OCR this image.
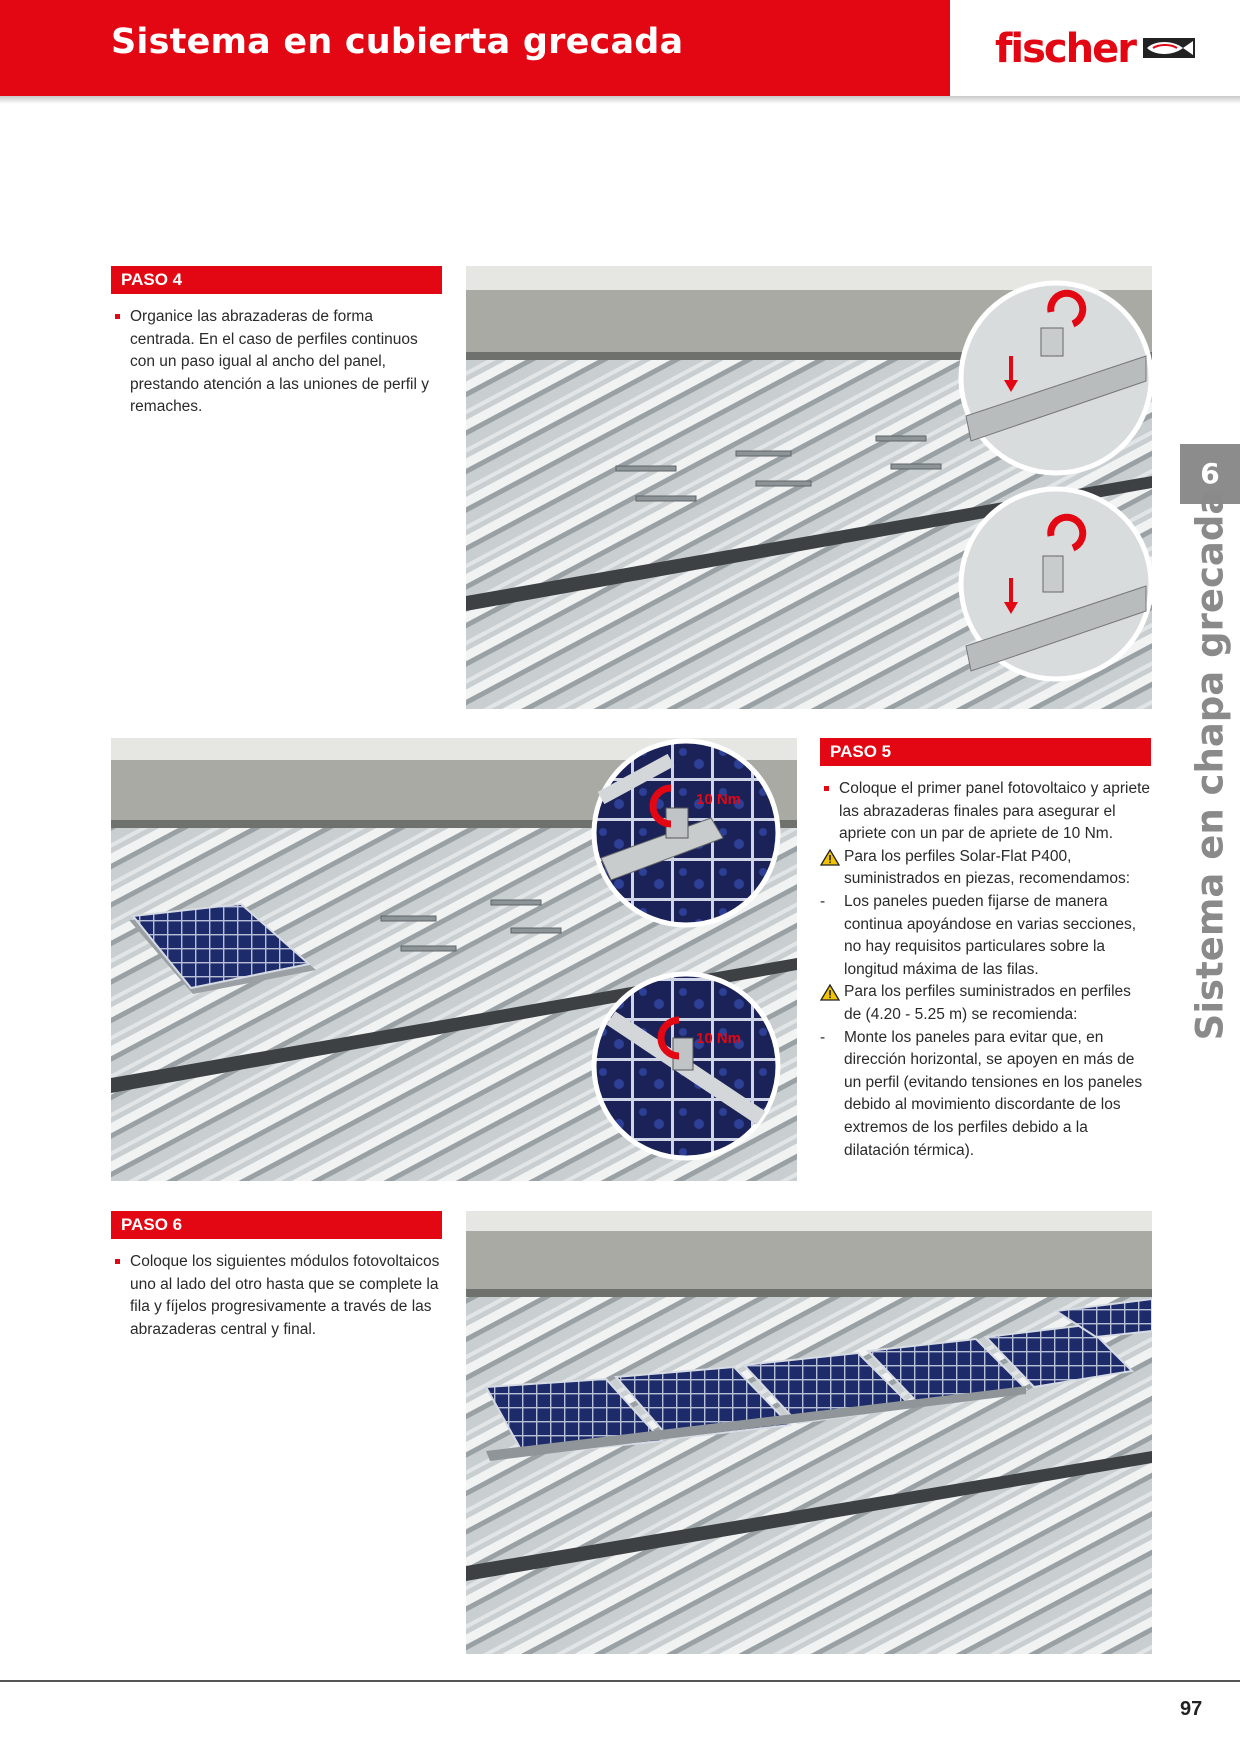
Sistema en cubierta grecada	fischer
PASO 4
Organice las abrazaderas de forma centrada. En el caso de perfiles continuos con un paso igual al ancho del panel, prestando atención a las uniones de perfil y remaches.
10 Nm
10 Nm
PASO 5
Coloque el primer panel fotovoltaico y apriete las abrazaderas finales para asegurar el apriete con un par de apriete de 10 Nm.
Para los perfiles Solar-Flat P400, suministrados en piezas, recomendamos:
- Los paneles pueden fijarse de manera continua apoyándose en varias secciones, no hay requisitos particulares sobre la longitud máxima de las filas.
Para los perfiles suministrados en perfiles de (4.20 - 5.25 m) se recomienda:
- Monte los paneles para evitar que, en dirección horizontal, se apoyen en más de un perfil (evitando tensiones en los paneles debido al movimiento discordante de los extremos de los perfiles debido a la dilatación térmica).
PASO 6
Coloque los siguientes módulos fotovoltaicos uno al lado del otro hasta que se complete la fila y fíjelos progresivamente a través de las abrazaderas central y final.
6
Sistema en chapa grecada
97
